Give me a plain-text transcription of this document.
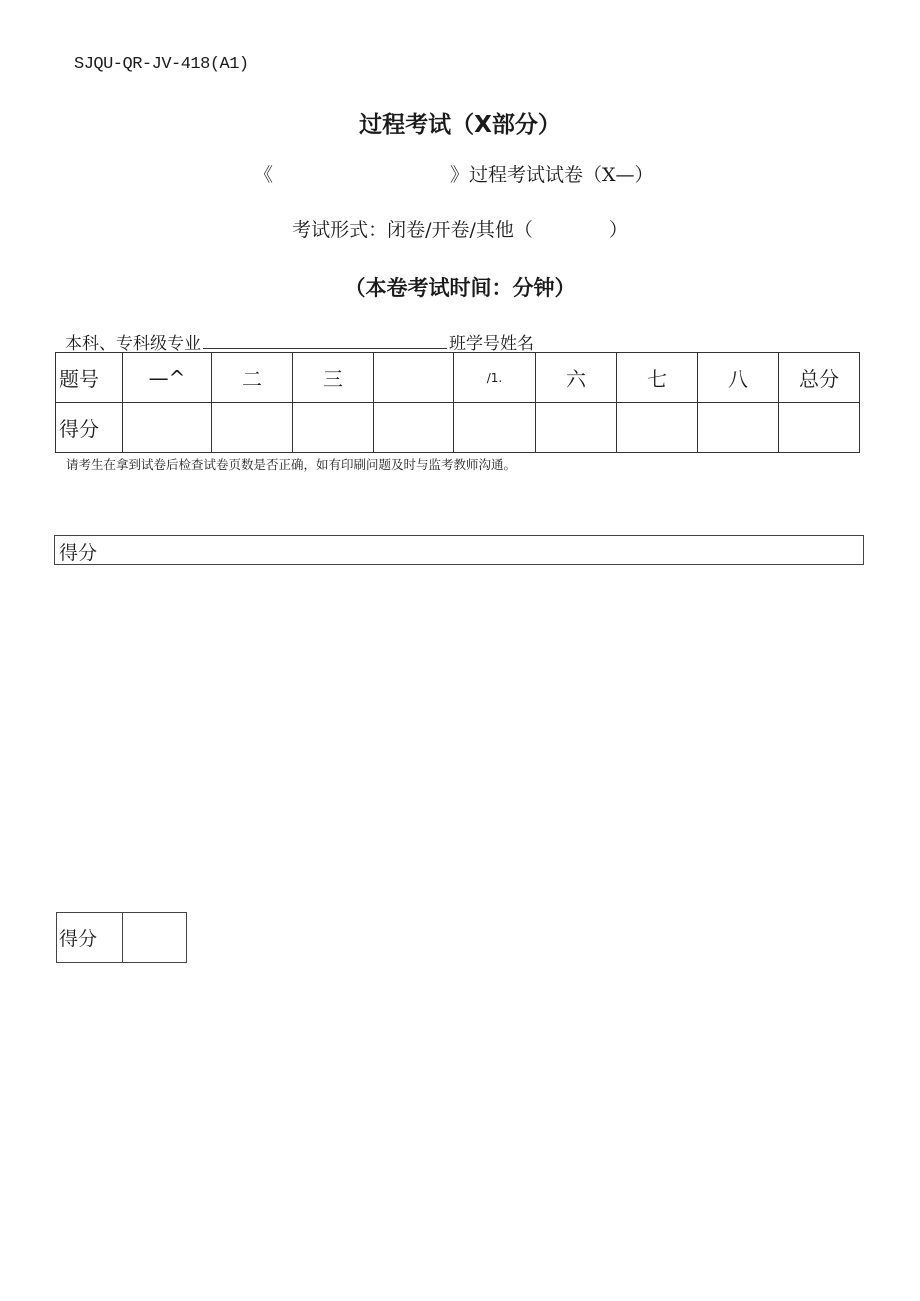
SJQU-QR-JV-418(A1)
过程考试（X部分）
《	》过程考试试卷（X—）
考试形式：闭卷/开卷/其他（　　　　）
（本卷考试时间：分钟）
本科、专科级专业	班学号姓名
题号	—^	二	三		/1.	六	七	八	总分
得分									
请考生在拿到试卷后检查试卷页数是否正确，如有印刷问题及时与监考教师沟通。
得分
得分	
